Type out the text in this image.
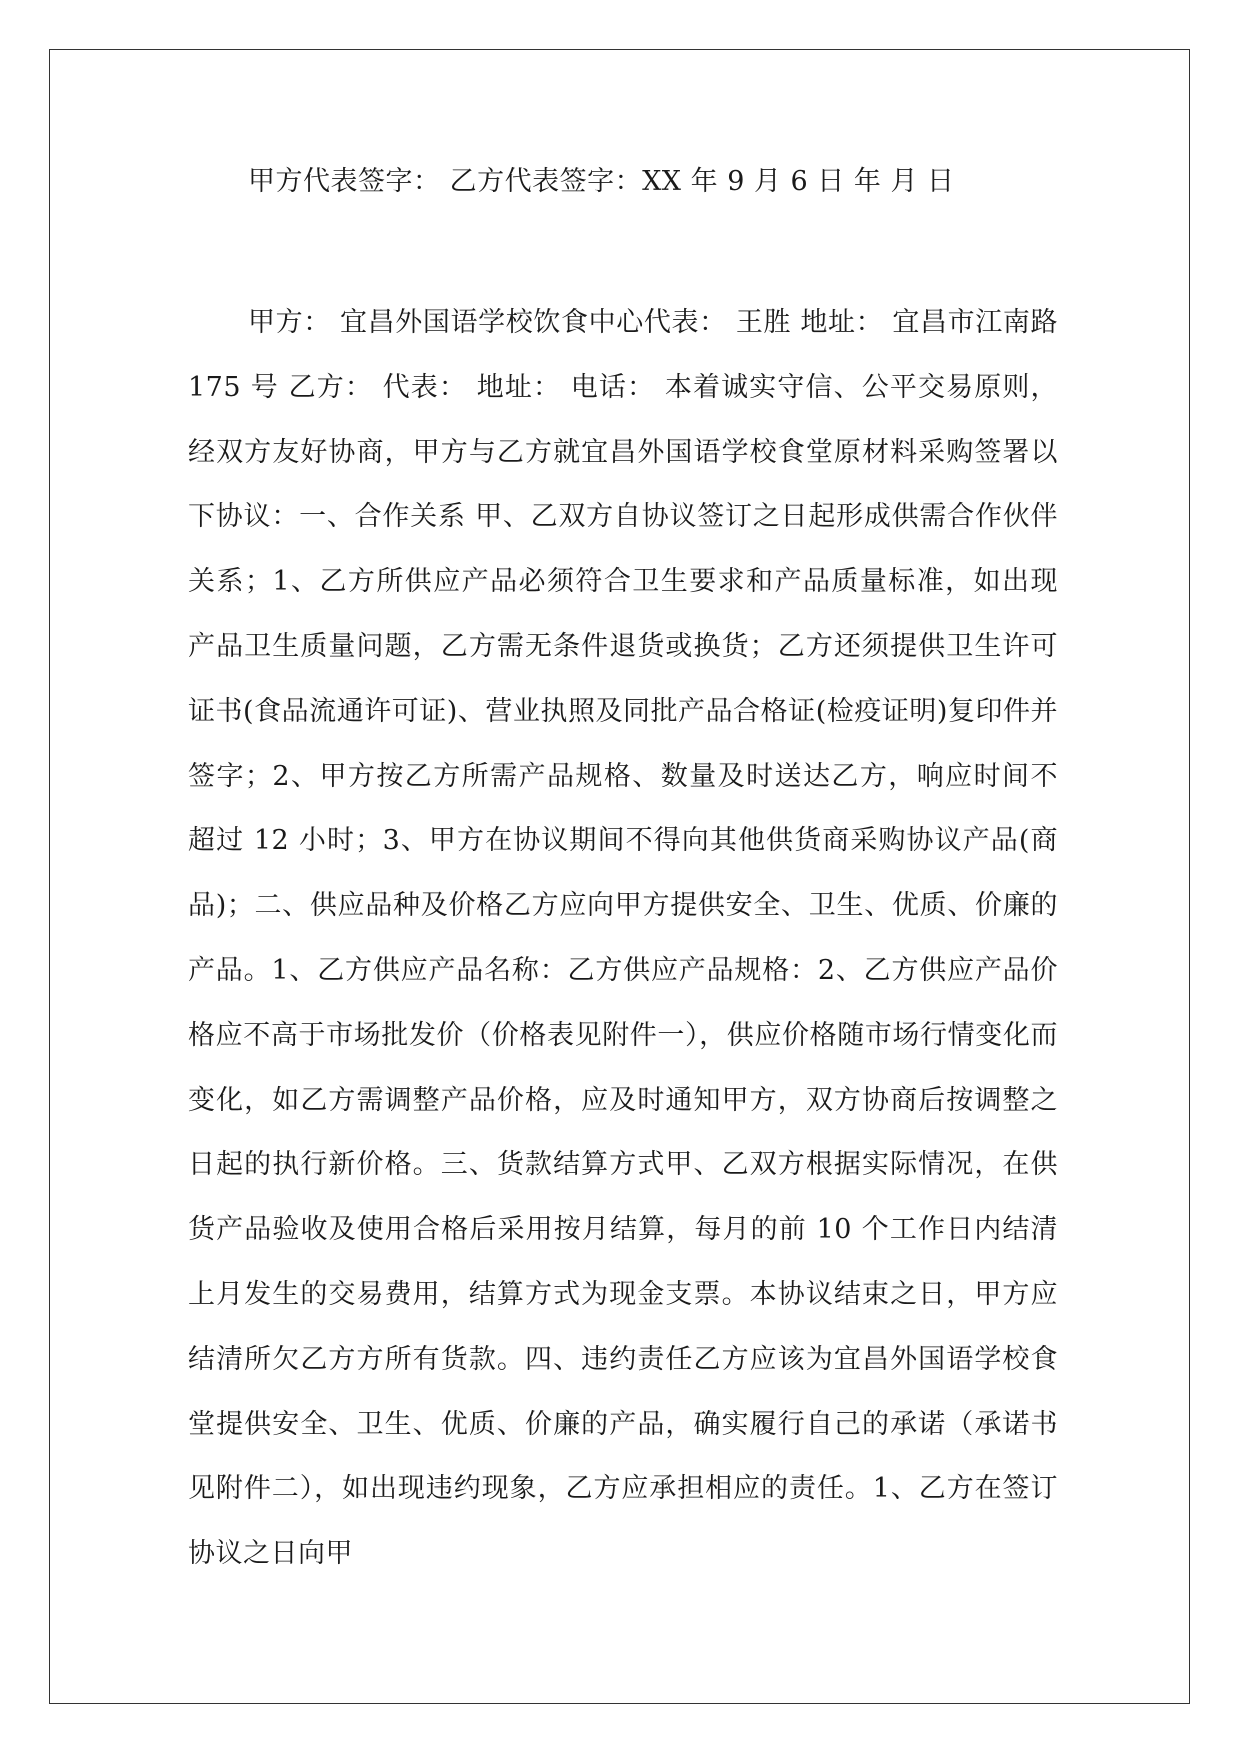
甲方代表签字： 乙方代表签字：XX 年 9 月 6 日 年 月 日

甲方： 宜昌外国语学校饮食中心代表： 王胜 地址： 宜昌市江南路 175 号 乙方： 代表： 地址： 电话： 本着诚实守信、公平交易原则，经双方友好协商，甲方与乙方就宜昌外国语学校食堂原材料采购签署以下协议：一、合作关系 甲、乙双方自协议签订之日起形成供需合作伙伴关系；1、乙方所供应产品必须符合卫生要求和产品质量标准，如出现产品卫生质量问题，乙方需无条件退货或换货；乙方还须提供卫生许可证书(食品流通许可证)、营业执照及同批产品合格证(检疫证明)复印件并签字；2、甲方按乙方所需产品规格、数量及时送达乙方，响应时间不超过 12 小时；3、甲方在协议期间不得向其他供货商采购协议产品(商品)；二、供应品种及价格乙方应向甲方提供安全、卫生、优质、价廉的产品。1、乙方供应产品名称：乙方供应产品规格：2、乙方供应产品价格应不高于市场批发价（价格表见附件一），供应价格随市场行情变化而变化，如乙方需调整产品价格，应及时通知甲方，双方协商后按调整之日起的执行新价格。三、货款结算方式甲、乙双方根据实际情况，在供货产品验收及使用合格后采用按月结算，每月的前 10 个工作日内结清上月发生的交易费用，结算方式为现金支票。本协议结束之日，甲方应结清所欠乙方方所有货款。四、违约责任乙方应该为宜昌外国语学校食堂提供安全、卫生、优质、价廉的产品，确实履行自己的承诺（承诺书见附件二），如出现违约现象，乙方应承担相应的责任。1、乙方在签订协议之日向甲
